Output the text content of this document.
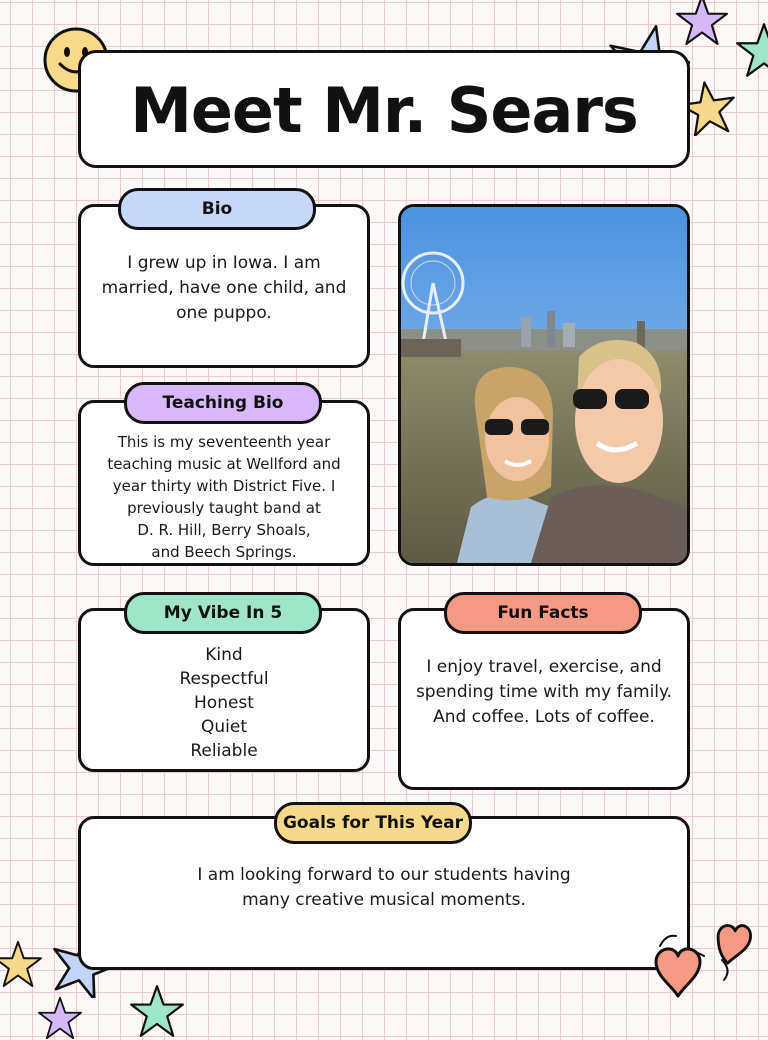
Meet Mr. Sears
I grew up in Iowa. I am married, have one child, and one puppo.
Bio
This is my seventeenth year
teaching music at Wellford and
year thirty with District Five. I
previously taught band at
D. R. Hill, Berry Shoals,
and Beech Springs.
Teaching Bio
Kind
Respectful
Honest
Quiet
Reliable
My Vibe In 5
I enjoy travel, exercise, and
spending time with my family.
And coffee. Lots of coffee.
Fun Facts
I am looking forward to our students having
many creative musical moments.
Goals for This Year
